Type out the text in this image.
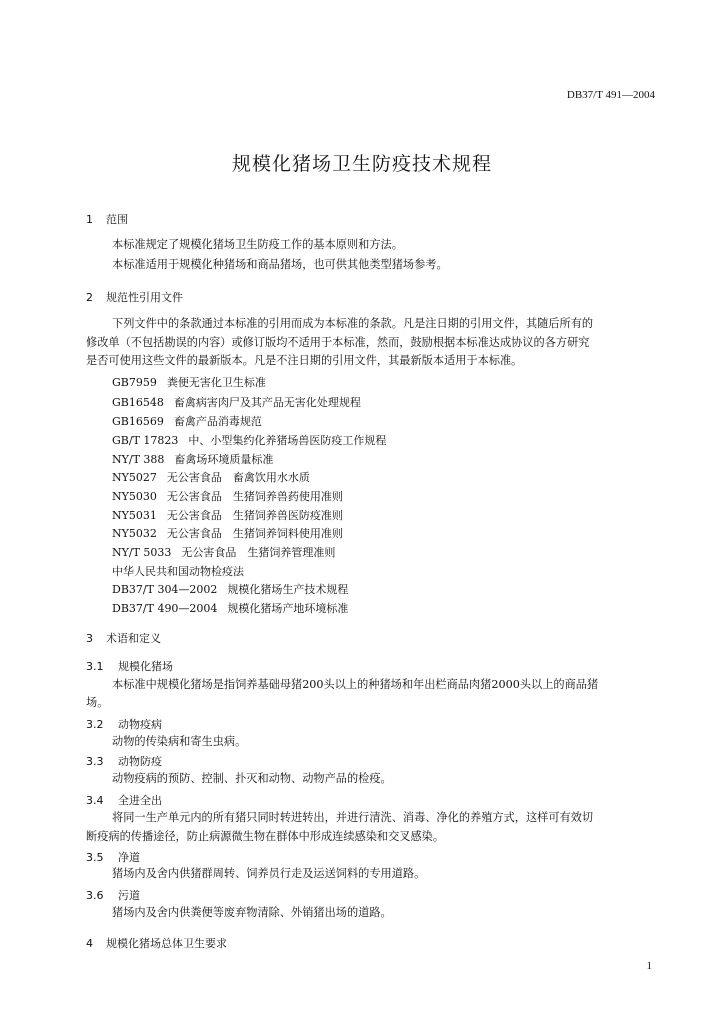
DB37/T 491—2004
规模化猪场卫生防疫技术规程
1 范围
本标准规定了规模化猪场卫生防疫工作的基本原则和方法。
本标准适用于规模化种猪场和商品猪场，也可供其他类型猪场参考。
2 规范性引用文件
下列文件中的条款通过本标准的引用而成为本标准的条款。凡是注日期的引用文件，其随后所有的
修改单（不包括勘误的内容）或修订版均不适用于本标准，然而，鼓励根据本标准达成协议的各方研究
是否可使用这些文件的最新版本。凡是不注日期的引用文件，其最新版本适用于本标准。
GB7959 粪便无害化卫生标准
GB16548 畜禽病害肉尸及其产品无害化处理规程
GB16569 畜禽产品消毒规范
GB/T 17823 中、小型集约化养猪场兽医防疫工作规程
NY/T 388 畜禽场环境质量标准
NY5027 无公害食品　畜禽饮用水水质
NY5030 无公害食品　生猪饲养兽药使用准则
NY5031 无公害食品　生猪饲养兽医防疫准则
NY5032 无公害食品　生猪饲养饲料使用准则
NY/T 5033 无公害食品　生猪饲养管理准则
中华人民共和国动物检疫法
DB37/T 304—2002 规模化猪场生产技术规程
DB37/T 490—2004 规模化猪场产地环境标准
3 术语和定义
3.1 规模化猪场
本标准中规模化猪场是指饲养基础母猪200头以上的种猪场和年出栏商品肉猪2000头以上的商品猪
场。
3.2 动物疫病
动物的传染病和寄生虫病。
3.3 动物防疫
动物疫病的预防、控制、扑灭和动物、动物产品的检疫。
3.4 全进全出
将同一生产单元内的所有猪只同时转进转出，并进行清洗、消毒、净化的养殖方式，这样可有效切
断疫病的传播途径，防止病源微生物在群体中形成连续感染和交叉感染。
3.5 净道
猪场内及舍内供猪群周转、饲养员行走及运送饲料的专用道路。
3.6 污道
猪场内及舍内供粪便等废弃物清除、外销猪出场的道路。
4 规模化猪场总体卫生要求
1
